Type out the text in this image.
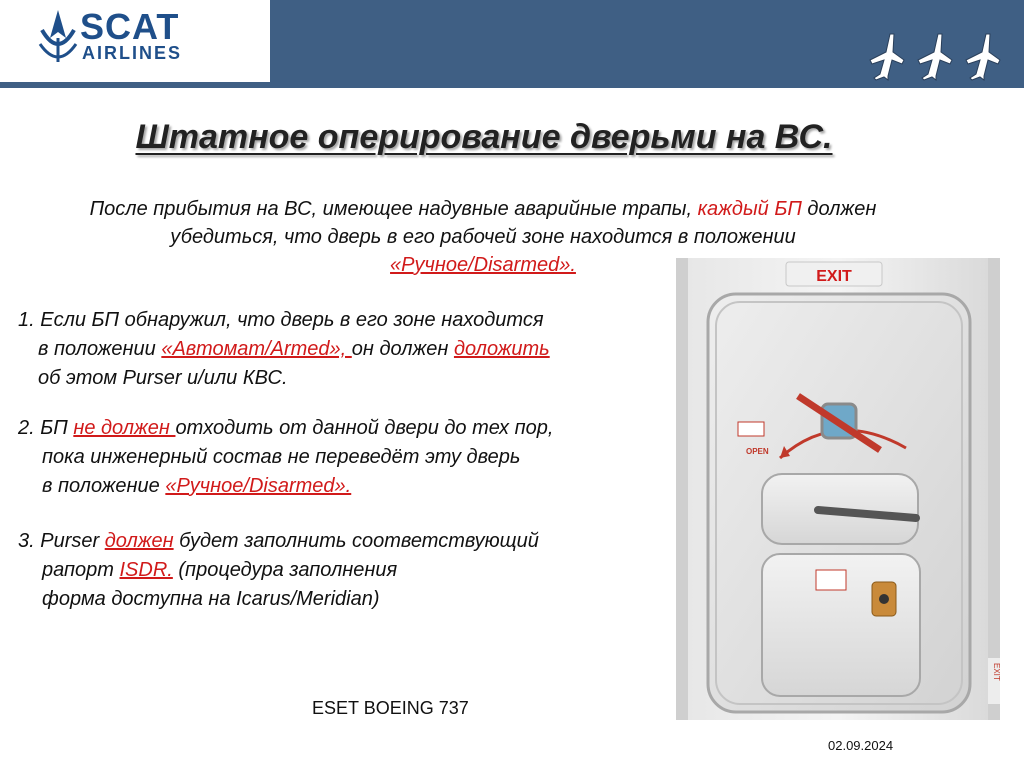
SCAT
AIRLINES
Штатное оперирование дверьми на ВС.
После прибытия на ВС, имеющее надувные аварийные трапы, каждый БП должен
убедиться, что дверь в его рабочей зоне находится в положении
«Ручное/Disarmed».
1. Если БП обнаружил, что дверь в его зоне находится
в положении «Автомат/Armed», он должен доложить
об этом Purser и/или КВС.
2. БП не должен отходить от данной двери до тех пор,
пока инженерный состав не переведёт эту дверь
в положение «Ручное/Disarmed».
3. Purser должен будет заполнить соответствующий
рапорт ISDR. (процедура заполнения
форма доступна на Icarus/Meridian)
EXIT
OPEN
EXIT
ESET BOEING 737
02.09.2024
